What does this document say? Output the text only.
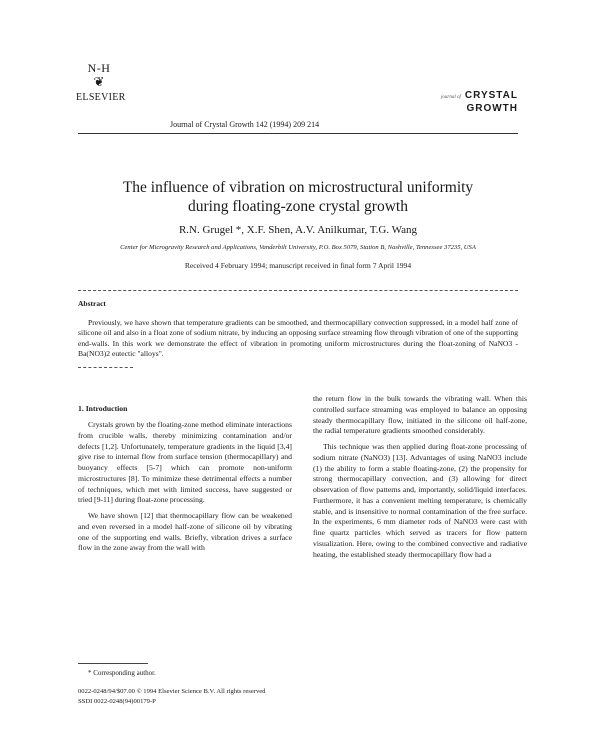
N-H
❦
ELSEVIER
Journal of Crystal Growth 142 (1994) 209 214
journal of CRYSTAL
GROWTH
The influence of vibration on microstructural uniformity
during floating-zone crystal growth
R.N. Grugel *, X.F. Shen, A.V. Anilkumar, T.G. Wang
Center for Microgravity Research and Applications, Vanderbilt University, P.O. Box 5079, Station B, Nashville, Tennessee 37235, USA
Received 4 February 1994; manuscript received in final form 7 April 1994
Abstract
Previously, we have shown that temperature gradients can be smoothed, and thermocapillary convection suppressed, in a model half zone of silicone oil and also in a float zone of sodium nitrate, by inducing an opposing surface streaming flow through vibration of one of the supporting end-walls. In this work we demonstrate the effect of vibration in promoting uniform microstructures during the float-zoning of NaNO3 - Ba(NO3)2 eutectic "alloys".
1. Introduction

Crystals grown by the floating-zone method eliminate interactions from crucible walls, thereby minimizing contamination and/or defects [1,2]. Unfortunately, temperature gradients in the liquid [3,4] give rise to internal flow from surface tension (thermocapillary) and buoyancy effects [5-7] which can promote non-uniform microstructures [8]. To minimize these detrimental effects a number of techniques, which met with limited success, have suggested or tried [9-11] during float-zone processing.

We have shown [12] that thermocapillary flow can be weakened and even reversed in a model half-zone of silicone oil by vibrating one of the supporting end walls. Briefly, vibration drives a surface flow in the zone away from the wall with

the return flow in the bulk towards the vibrating wall. When this controlled surface streaming was employed to balance an opposing steady thermocapillary flow, initiated in the silicone oil half-zone, the radial temperature gradients smoothed considerably.

This technique was then applied during float-zone processing of sodium nitrate (NaNO3) [13]. Advantages of using NaNO3 include (1) the ability to form a stable floating-zone, (2) the propensity for strong thermocapillary convection, and (3) allowing for direct observation of flow patterns and, importantly, solid/liquid interfaces. Furthermore, it has a convenient melting temperature, is chemically stable, and is insensitive to normal contamination of the free surface. In the experiments, 6 mm diameter rods of NaNO3 were cast with fine quartz particles which served as tracers for flow pattern visualization. Here, owing to the combined convective and radiative heating, the established steady thermocapillary flow had a

* Corresponding author.
0022-0248/94/$07.00 © 1994 Elsevier Science B.V. All rights reserved
SSDI 0022-0248(94)00179-P
